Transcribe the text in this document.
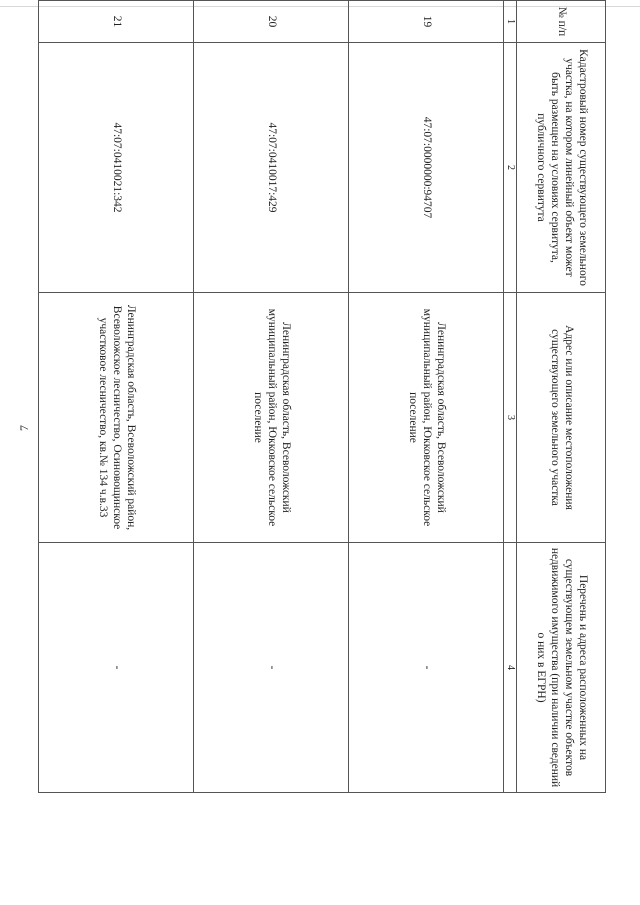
7
№ п/п	Кадастровый номер существующего земельного участка, на котором линейный объект может быть размещен на условиях сервитута, публичного сервитута	Адрес или описание местоположения существующего земельного участка	Перечень и адреса расположенных на существующем земельном участке объектов недвижимого имущества (при наличии сведений о них в ЕГРН)
1	2	3	4
19	47:07:0000000:94707	Ленинградская область, Всеволожский муниципальный район, Юкковское сельское поселение	-
20	47:07:0410017:429	Ленинградская область, Всеволожский муниципальный район, Юкковское сельское поселение	-
21	47:07:0410021:342	Ленинградская область, Всеволожский район, Всеволожское лесничество, Осиновощинское участковое лесничество, кв.№ 134 ч.в.33	-
